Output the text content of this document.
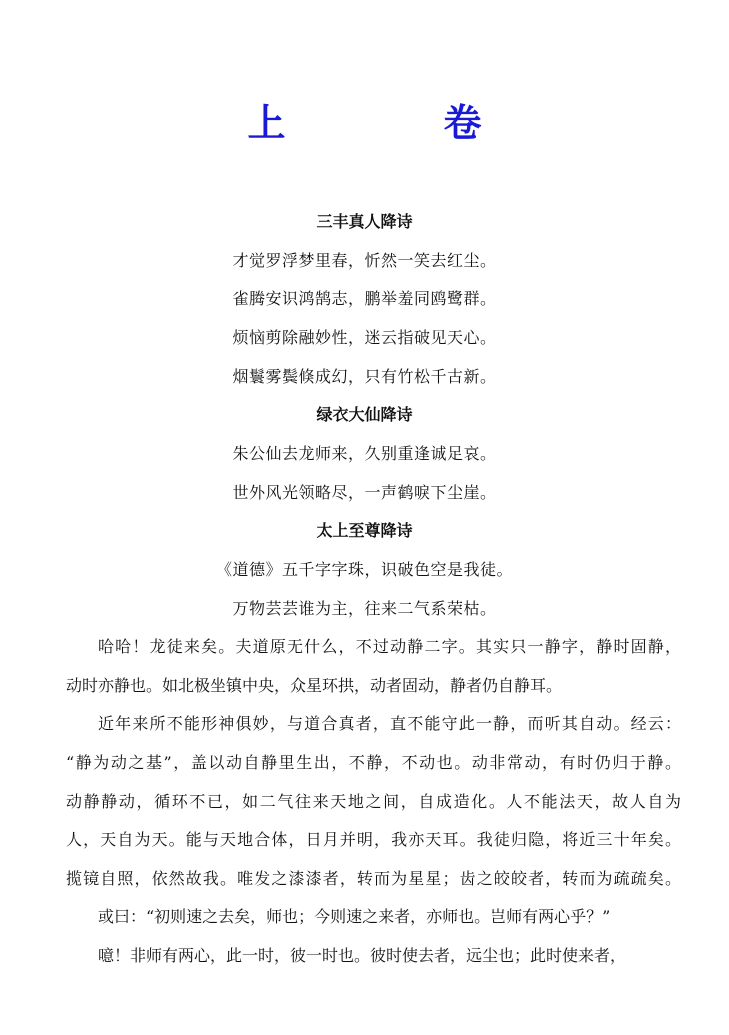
上　卷
三丰真人降诗
才觉罗浮梦里春，忻然一笑去红尘。
雀腾安识鸿鹄志，鹏举羞同鸥鹭群。
烦恼剪除融妙性，迷云指破见天心。
烟鬟雾鬓倏成幻，只有竹松千古新。
绿衣大仙降诗
朱公仙去龙师来，久别重逢诚足哀。
世外风光领略尽，一声鹤唳下尘崖。
太上至尊降诗
《道德》五千字字珠，识破色空是我徒。
万物芸芸谁为主，往来二气系荣枯。
哈哈！龙徒来矣。夫道原无什么，不过动静二字。其实只一静字，静时固静，
动时亦静也。如北极坐镇中央，众星环拱，动者固动，静者仍自静耳。
近年来所不能形神俱妙，与道合真者，直不能守此一静，而听其自动。经云：
“静为动之基”，盖以动自静里生出，不静，不动也。动非常动，有时仍归于静。
动静静动，循环不已，如二气往来天地之间，自成造化。人不能法天，故人自为
人，天自为天。能与天地合体，日月并明，我亦天耳。我徒归隐，将近三十年矣。
揽镜自照，依然故我。唯发之漆漆者，转而为星星；齿之皎皎者，转而为疏疏矣。
或曰：“初则速之去矣，师也；今则速之来者，亦师也。岂师有两心乎？”
噫！非师有两心，此一时，彼一时也。彼时使去者，远尘也；此时使来者，
